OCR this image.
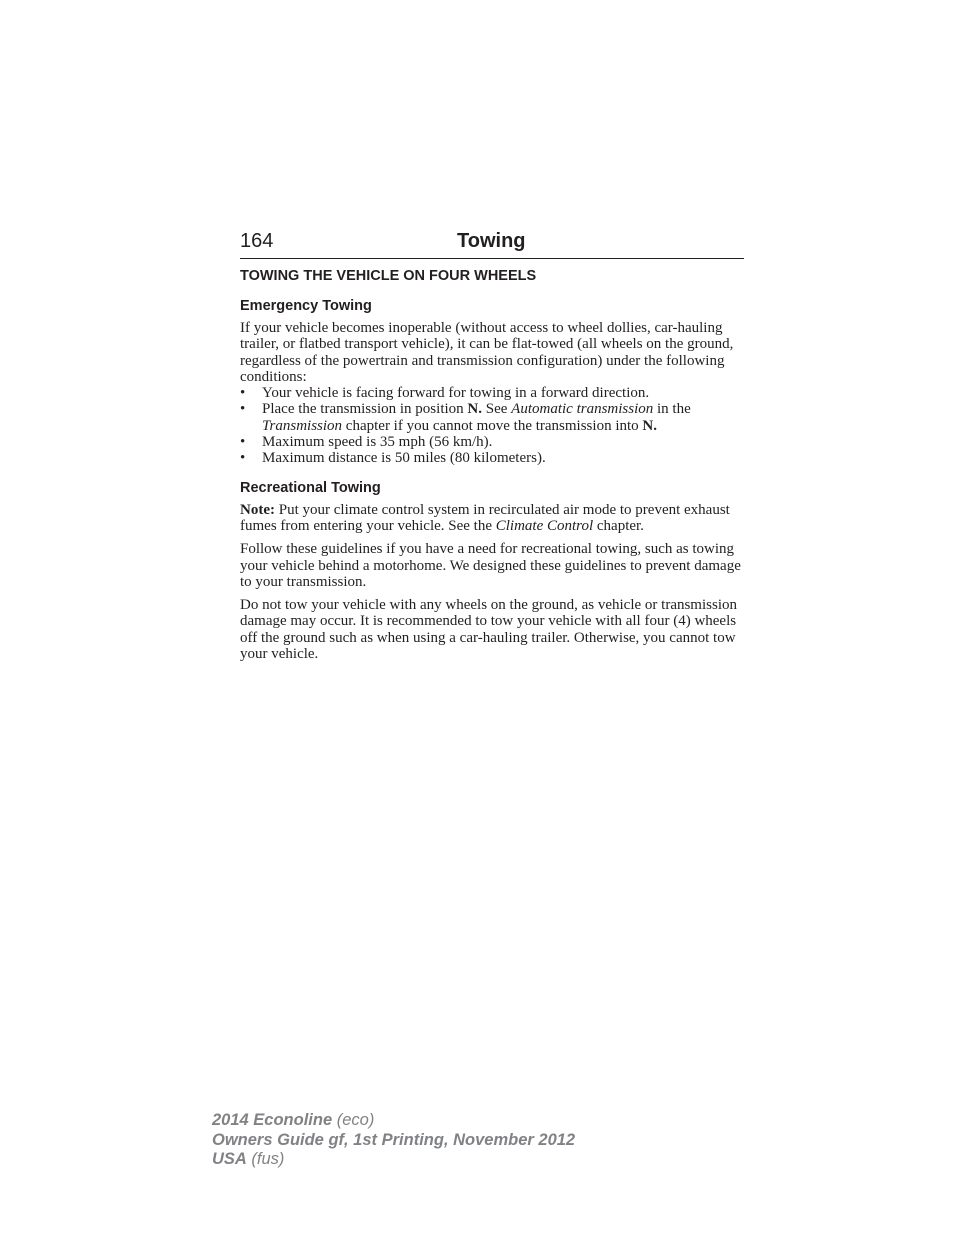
164	Towing
TOWING THE VEHICLE ON FOUR WHEELS
Emergency Towing

If your vehicle becomes inoperable (without access to wheel dollies, car-hauling trailer, or flatbed transport vehicle), it can be flat-towed (all wheels on the ground, regardless of the powertrain and transmission configuration) under the following conditions:

•	Your vehicle is facing forward for towing in a forward direction.
•	Place the transmission in position N. See Automatic transmission in the Transmission chapter if you cannot move the transmission into N.
•	Maximum speed is 35 mph (56 km/h).
•	Maximum distance is 50 miles (80 kilometers).
Recreational Towing

Note: Put your climate control system in recirculated air mode to prevent exhaust fumes from entering your vehicle. See the Climate Control chapter.

Follow these guidelines if you have a need for recreational towing, such as towing your vehicle behind a motorhome. We designed these guidelines to prevent damage to your transmission.

Do not tow your vehicle with any wheels on the ground, as vehicle or transmission damage may occur. It is recommended to tow your vehicle with all four (4) wheels off the ground such as when using a car-hauling trailer. Otherwise, you cannot tow your vehicle.

2014 Econoline (eco)
Owners Guide gf, 1st Printing, November 2012
USA (fus)
